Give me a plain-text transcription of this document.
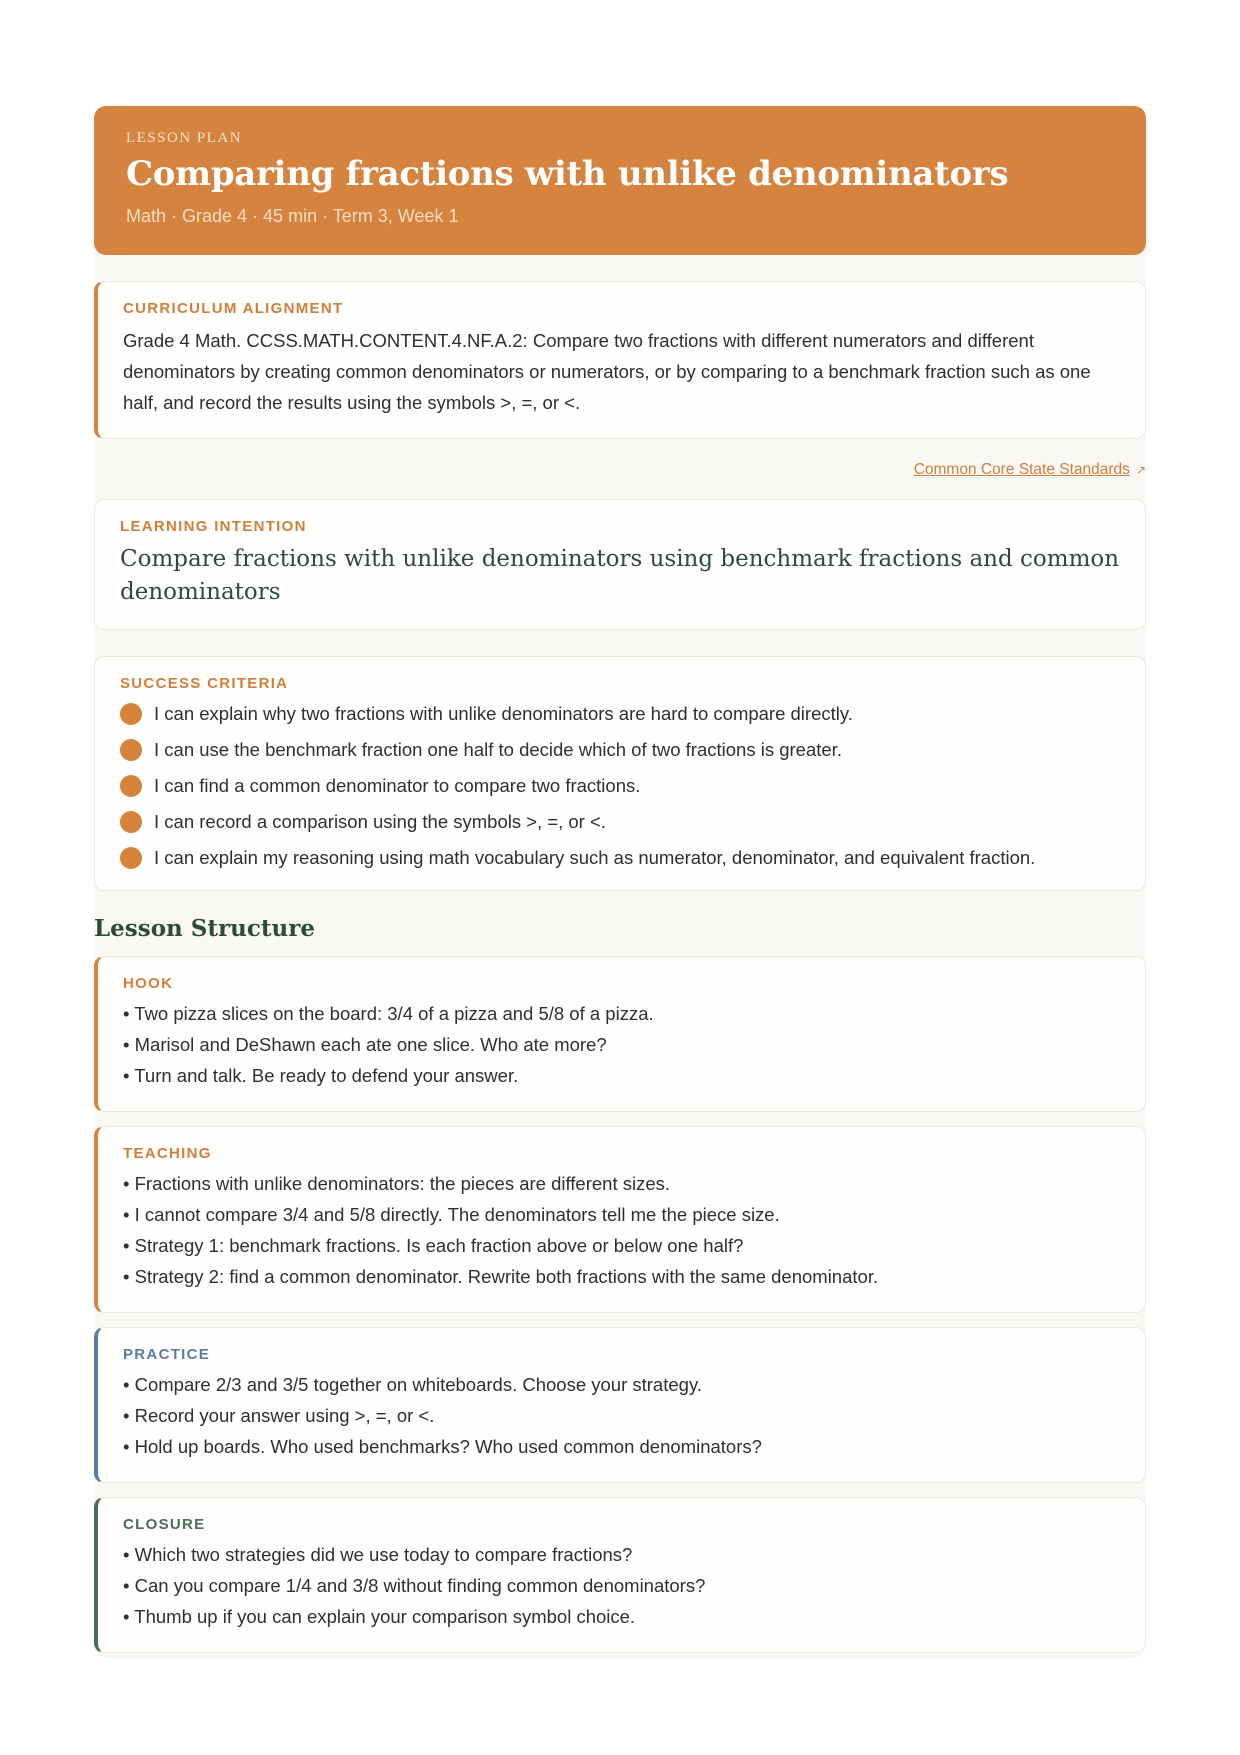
LESSON PLAN

Comparing fractions with unlike denominators

Math · Grade 4 · 45 min · Term 3, Week 1

CURRICULUM ALIGNMENT

Grade 4 Math. CCSS.MATH.CONTENT.4.NF.A.2: Compare two fractions with different numerators and different denominators by creating common denominators or numerators, or by comparing to a benchmark fraction such as one half, and record the results using the symbols >, =, or <.

Common Core State Standards ↗

LEARNING INTENTION

Compare fractions with unlike denominators using benchmark fractions and common denominators

SUCCESS CRITERIA

I can explain why two fractions with unlike denominators are hard to compare directly.
I can use the benchmark fraction one half to decide which of two fractions is greater.
I can find a common denominator to compare two fractions.
I can record a comparison using the symbols >, =, or <.
I can explain my reasoning using math vocabulary such as numerator, denominator, and equivalent fraction.
Lesson Structure

HOOK

• Two pizza slices on the board: 3/4 of a pizza and 5/8 of a pizza.
• Marisol and DeShawn each ate one slice. Who ate more?
• Turn and talk. Be ready to defend your answer.

TEACHING

• Fractions with unlike denominators: the pieces are different sizes.
• I cannot compare 3/4 and 5/8 directly. The denominators tell me the piece size.
• Strategy 1: benchmark fractions. Is each fraction above or below one half?
• Strategy 2: find a common denominator. Rewrite both fractions with the same denominator.

PRACTICE

• Compare 2/3 and 3/5 together on whiteboards. Choose your strategy.
• Record your answer using >, =, or <.
• Hold up boards. Who used benchmarks? Who used common denominators?

CLOSURE

• Which two strategies did we use today to compare fractions?
• Can you compare 1/4 and 3/8 without finding common denominators?
• Thumb up if you can explain your comparison symbol choice.
